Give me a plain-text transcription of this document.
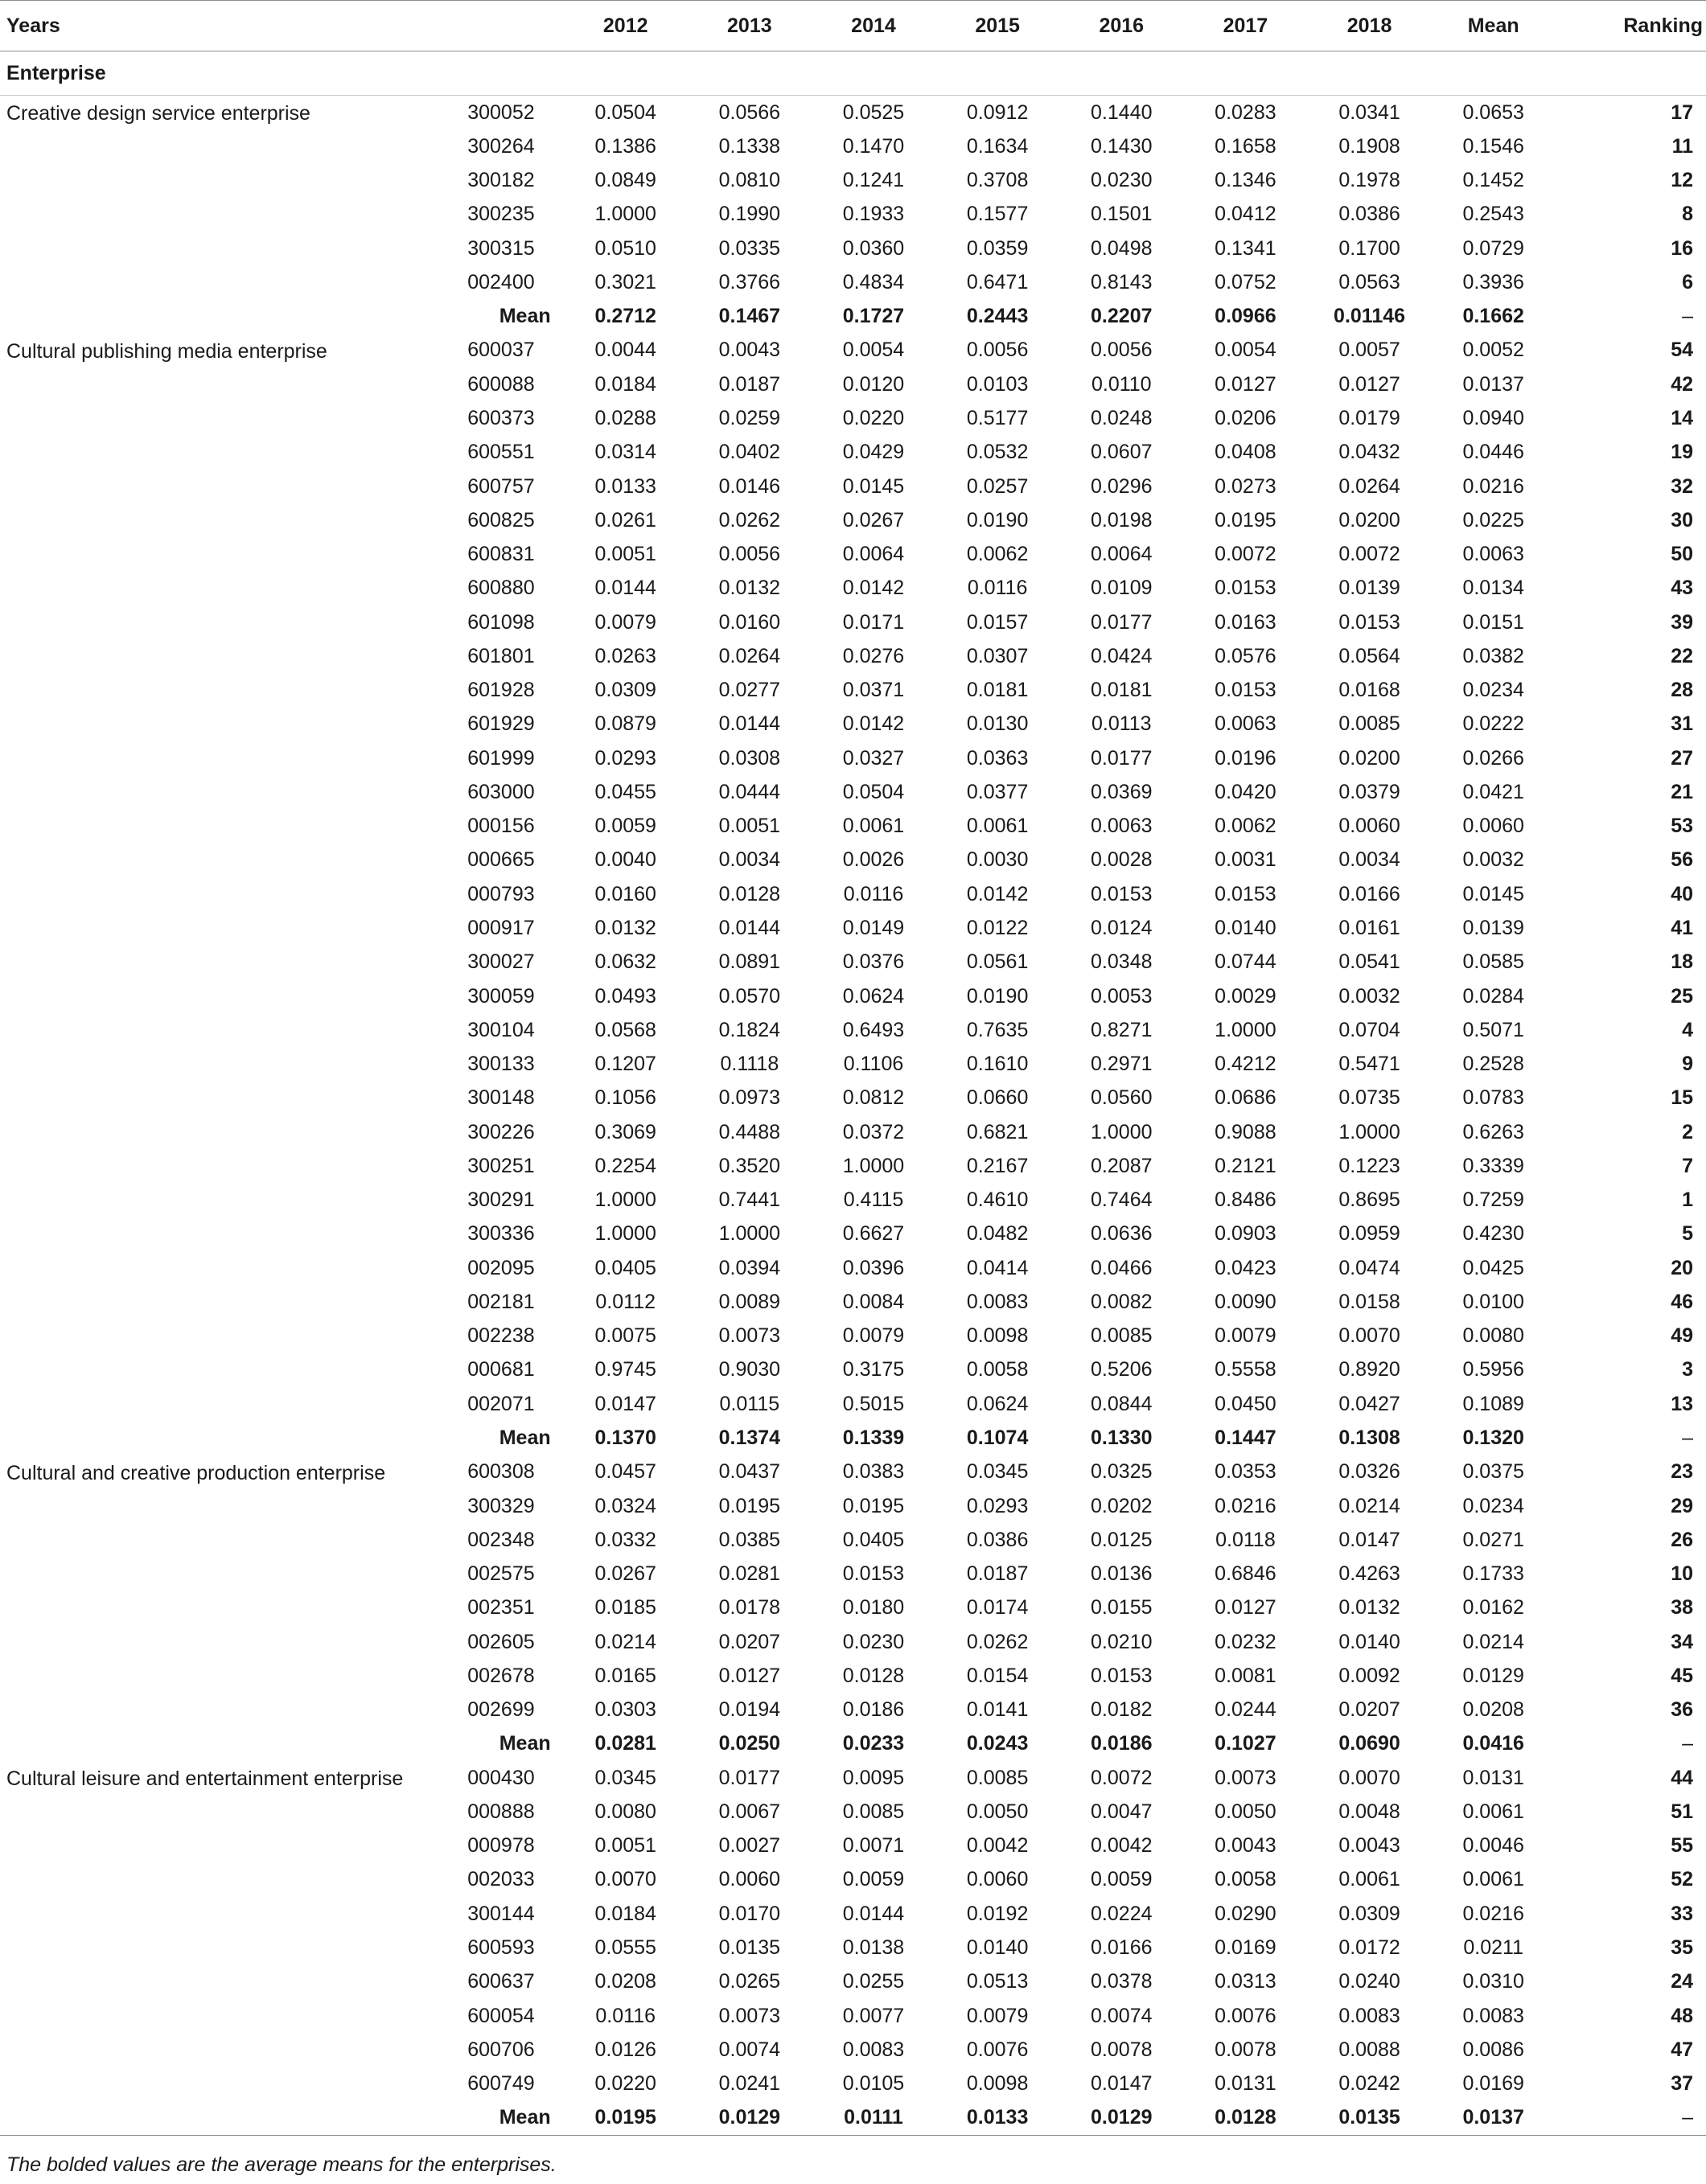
Years		2012	2013	2014	2015	2016	2017	2018	Mean	Ranking
Enterprise										
Creative design service enterprise	300052	0.0504	0.0566	0.0525	0.0912	0.1440	0.0283	0.0341	0.0653	17
	300264	0.1386	0.1338	0.1470	0.1634	0.1430	0.1658	0.1908	0.1546	11
	300182	0.0849	0.0810	0.1241	0.3708	0.0230	0.1346	0.1978	0.1452	12
	300235	1.0000	0.1990	0.1933	0.1577	0.1501	0.0412	0.0386	0.2543	8
	300315	0.0510	0.0335	0.0360	0.0359	0.0498	0.1341	0.1700	0.0729	16
	002400	0.3021	0.3766	0.4834	0.6471	0.8143	0.0752	0.0563	0.3936	6
	Mean	0.2712	0.1467	0.1727	0.2443	0.2207	0.0966	0.01146	0.1662	–
Cultural publishing media enterprise	600037	0.0044	0.0043	0.0054	0.0056	0.0056	0.0054	0.0057	0.0052	54
	600088	0.0184	0.0187	0.0120	0.0103	0.0110	0.0127	0.0127	0.0137	42
	600373	0.0288	0.0259	0.0220	0.5177	0.0248	0.0206	0.0179	0.0940	14
	600551	0.0314	0.0402	0.0429	0.0532	0.0607	0.0408	0.0432	0.0446	19
	600757	0.0133	0.0146	0.0145	0.0257	0.0296	0.0273	0.0264	0.0216	32
	600825	0.0261	0.0262	0.0267	0.0190	0.0198	0.0195	0.0200	0.0225	30
	600831	0.0051	0.0056	0.0064	0.0062	0.0064	0.0072	0.0072	0.0063	50
	600880	0.0144	0.0132	0.0142	0.0116	0.0109	0.0153	0.0139	0.0134	43
	601098	0.0079	0.0160	0.0171	0.0157	0.0177	0.0163	0.0153	0.0151	39
	601801	0.0263	0.0264	0.0276	0.0307	0.0424	0.0576	0.0564	0.0382	22
	601928	0.0309	0.0277	0.0371	0.0181	0.0181	0.0153	0.0168	0.0234	28
	601929	0.0879	0.0144	0.0142	0.0130	0.0113	0.0063	0.0085	0.0222	31
	601999	0.0293	0.0308	0.0327	0.0363	0.0177	0.0196	0.0200	0.0266	27
	603000	0.0455	0.0444	0.0504	0.0377	0.0369	0.0420	0.0379	0.0421	21
	000156	0.0059	0.0051	0.0061	0.0061	0.0063	0.0062	0.0060	0.0060	53
	000665	0.0040	0.0034	0.0026	0.0030	0.0028	0.0031	0.0034	0.0032	56
	000793	0.0160	0.0128	0.0116	0.0142	0.0153	0.0153	0.0166	0.0145	40
	000917	0.0132	0.0144	0.0149	0.0122	0.0124	0.0140	0.0161	0.0139	41
	300027	0.0632	0.0891	0.0376	0.0561	0.0348	0.0744	0.0541	0.0585	18
	300059	0.0493	0.0570	0.0624	0.0190	0.0053	0.0029	0.0032	0.0284	25
	300104	0.0568	0.1824	0.6493	0.7635	0.8271	1.0000	0.0704	0.5071	4
	300133	0.1207	0.1118	0.1106	0.1610	0.2971	0.4212	0.5471	0.2528	9
	300148	0.1056	0.0973	0.0812	0.0660	0.0560	0.0686	0.0735	0.0783	15
	300226	0.3069	0.4488	0.0372	0.6821	1.0000	0.9088	1.0000	0.6263	2
	300251	0.2254	0.3520	1.0000	0.2167	0.2087	0.2121	0.1223	0.3339	7
	300291	1.0000	0.7441	0.4115	0.4610	0.7464	0.8486	0.8695	0.7259	1
	300336	1.0000	1.0000	0.6627	0.0482	0.0636	0.0903	0.0959	0.4230	5
	002095	0.0405	0.0394	0.0396	0.0414	0.0466	0.0423	0.0474	0.0425	20
	002181	0.0112	0.0089	0.0084	0.0083	0.0082	0.0090	0.0158	0.0100	46
	002238	0.0075	0.0073	0.0079	0.0098	0.0085	0.0079	0.0070	0.0080	49
	000681	0.9745	0.9030	0.3175	0.0058	0.5206	0.5558	0.8920	0.5956	3
	002071	0.0147	0.0115	0.5015	0.0624	0.0844	0.0450	0.0427	0.1089	13
	Mean	0.1370	0.1374	0.1339	0.1074	0.1330	0.1447	0.1308	0.1320	–
Cultural and creative production enterprise	600308	0.0457	0.0437	0.0383	0.0345	0.0325	0.0353	0.0326	0.0375	23
	300329	0.0324	0.0195	0.0195	0.0293	0.0202	0.0216	0.0214	0.0234	29
	002348	0.0332	0.0385	0.0405	0.0386	0.0125	0.0118	0.0147	0.0271	26
	002575	0.0267	0.0281	0.0153	0.0187	0.0136	0.6846	0.4263	0.1733	10
	002351	0.0185	0.0178	0.0180	0.0174	0.0155	0.0127	0.0132	0.0162	38
	002605	0.0214	0.0207	0.0230	0.0262	0.0210	0.0232	0.0140	0.0214	34
	002678	0.0165	0.0127	0.0128	0.0154	0.0153	0.0081	0.0092	0.0129	45
	002699	0.0303	0.0194	0.0186	0.0141	0.0182	0.0244	0.0207	0.0208	36
	Mean	0.0281	0.0250	0.0233	0.0243	0.0186	0.1027	0.0690	0.0416	–
Cultural leisure and entertainment enterprise	000430	0.0345	0.0177	0.0095	0.0085	0.0072	0.0073	0.0070	0.0131	44
	000888	0.0080	0.0067	0.0085	0.0050	0.0047	0.0050	0.0048	0.0061	51
	000978	0.0051	0.0027	0.0071	0.0042	0.0042	0.0043	0.0043	0.0046	55
	002033	0.0070	0.0060	0.0059	0.0060	0.0059	0.0058	0.0061	0.0061	52
	300144	0.0184	0.0170	0.0144	0.0192	0.0224	0.0290	0.0309	0.0216	33
	600593	0.0555	0.0135	0.0138	0.0140	0.0166	0.0169	0.0172	0.0211	35
	600637	0.0208	0.0265	0.0255	0.0513	0.0378	0.0313	0.0240	0.0310	24
	600054	0.0116	0.0073	0.0077	0.0079	0.0074	0.0076	0.0083	0.0083	48
	600706	0.0126	0.0074	0.0083	0.0076	0.0078	0.0078	0.0088	0.0086	47
	600749	0.0220	0.0241	0.0105	0.0098	0.0147	0.0131	0.0242	0.0169	37
	Mean	0.0195	0.0129	0.0111	0.0133	0.0129	0.0128	0.0135	0.0137	–
The bolded values are the average means for the enterprises.
